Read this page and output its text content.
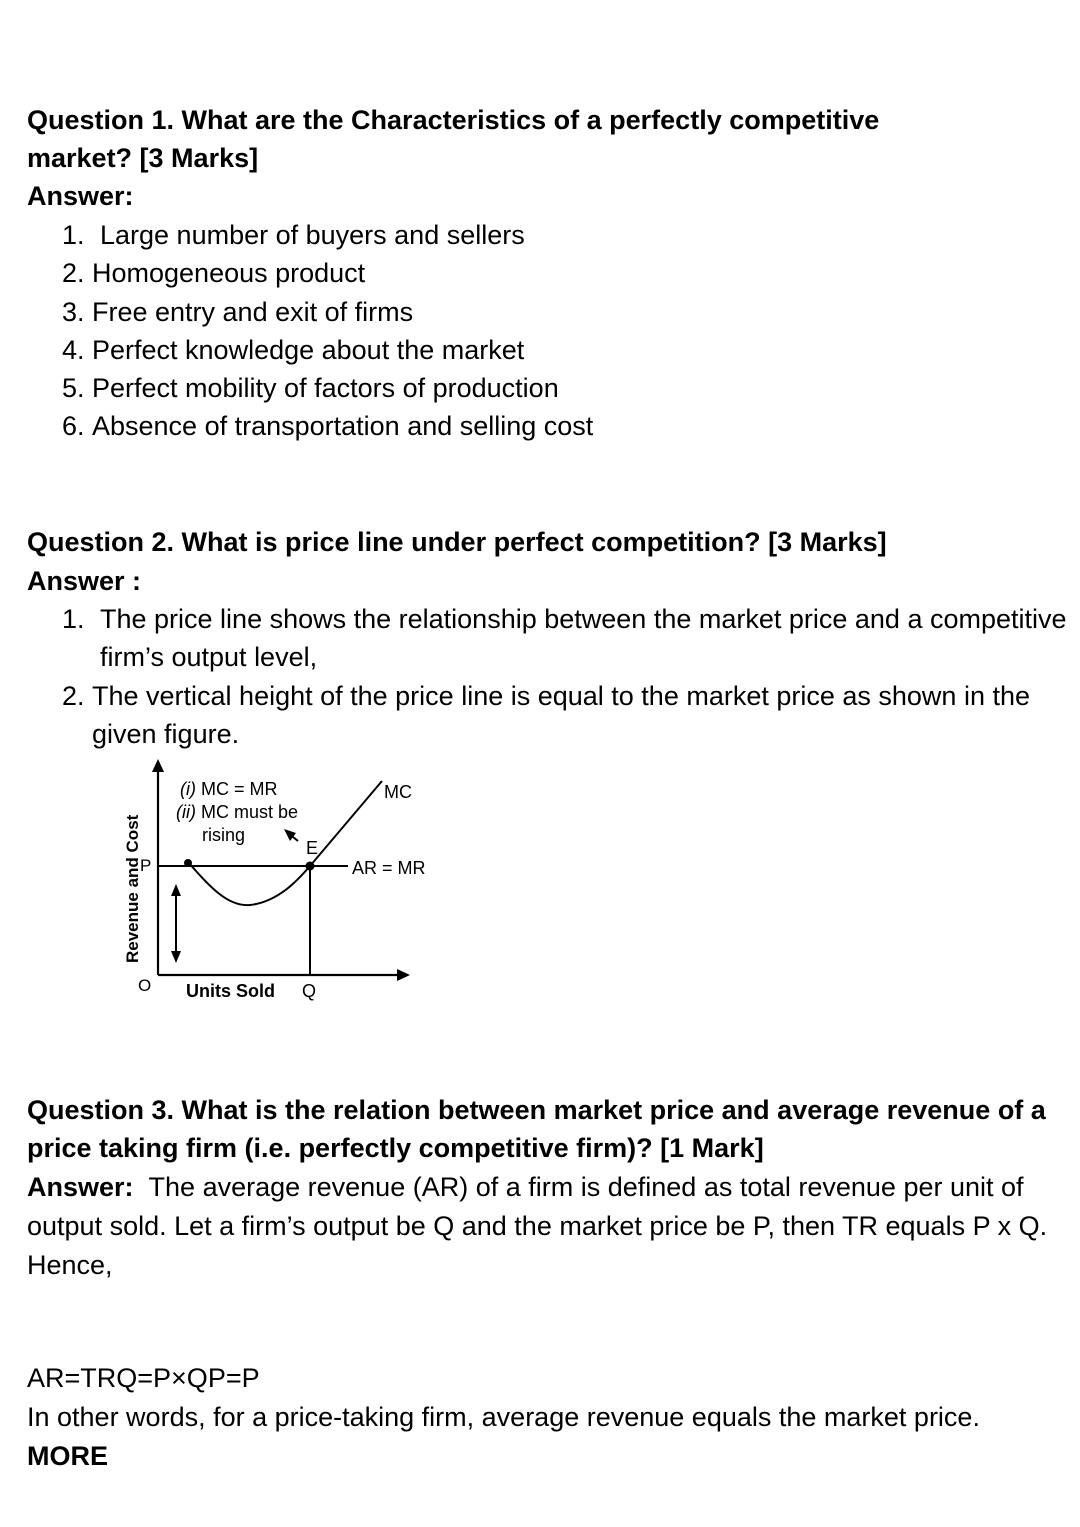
Question 1. What are the Characteristics of a perfectly competitive market? [3 Marks]
Answer:
1. Large number of buyers and sellers
2. Homogeneous product
3. Free entry and exit of firms
4. Perfect knowledge about the market
5. Perfect mobility of factors of production
6. Absence of transportation and selling cost
Question 2. What is price line under perfect competition? [3 Marks]
Answer :
1. The price line shows the relationship between the market price and a competitive firm’s output level,
2. The vertical height of the price line is equal to the market price as shown in the given figure.
Revenue and Cost
P
O Units Sold Q
E
MC
AR = MR
(i) MC = MR
(ii) MC must be
rising
Question 3. What is the relation between market price and average revenue of a price taking firm (i.e. perfectly competitive firm)? [1 Mark]
Answer: The average revenue (AR) of a firm is defined as total revenue per unit of output sold. Let a firm’s output be Q and the market price be P, then TR equals P x Q. Hence,
AR=TRQ=P×QP=P
In other words, for a price-taking firm, average revenue equals the market price.
MORE
